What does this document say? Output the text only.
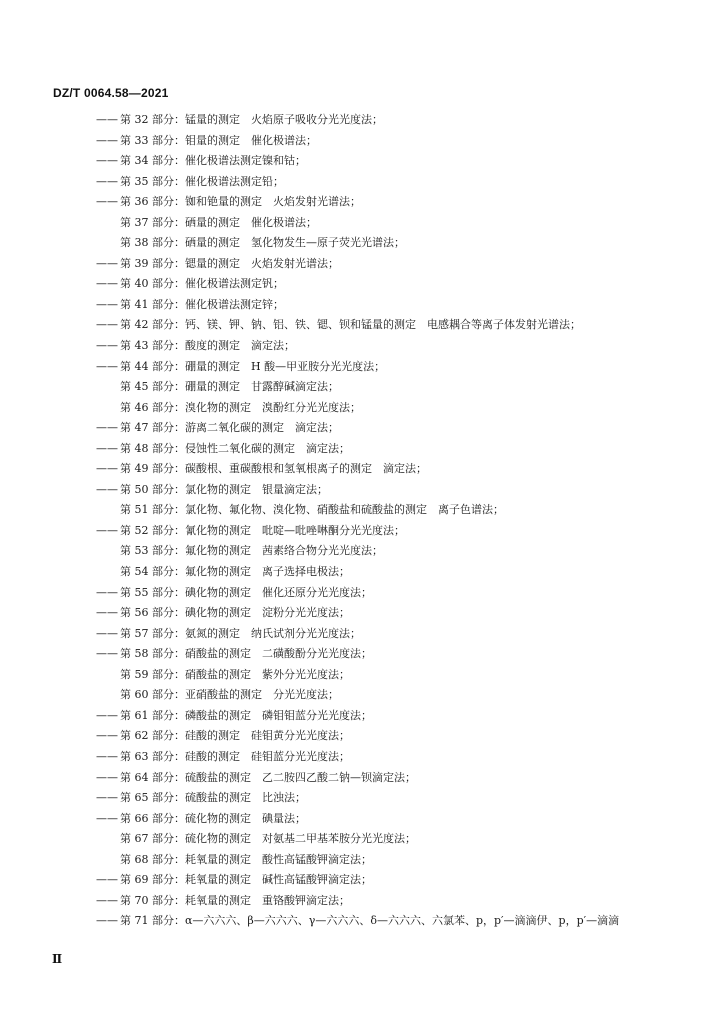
DZ/T 0064.58—2021
—— 第 32 部分：锰量的测定　火焰原子吸收分光光度法；
—— 第 33 部分：钼量的测定　催化极谱法；
—— 第 34 部分：催化极谱法测定镍和钴；
—— 第 35 部分：催化极谱法测定铅；
—— 第 36 部分：铷和铯量的测定　火焰发射光谱法；
第 37 部分：硒量的测定　催化极谱法；
第 38 部分：硒量的测定　氢化物发生—原子荧光光谱法；
—— 第 39 部分：锶量的测定　火焰发射光谱法；
—— 第 40 部分：催化极谱法测定钒；
—— 第 41 部分：催化极谱法测定锌；
—— 第 42 部分：钙、镁、钾、钠、铝、铁、锶、钡和锰量的测定　电感耦合等离子体发射光谱法；
—— 第 43 部分：酸度的测定　滴定法；
—— 第 44 部分：硼量的测定　H 酸—甲亚胺分光光度法；
第 45 部分：硼量的测定　甘露醇碱滴定法；
第 46 部分：溴化物的测定　溴酚红分光光度法；
—— 第 47 部分：游离二氧化碳的测定　滴定法；
—— 第 48 部分：侵蚀性二氧化碳的测定　滴定法；
—— 第 49 部分：碳酸根、重碳酸根和氢氧根离子的测定　滴定法；
—— 第 50 部分：氯化物的测定　银量滴定法；
第 51 部分：氯化物、氟化物、溴化物、硝酸盐和硫酸盐的测定　离子色谱法；
—— 第 52 部分：氰化物的测定　吡啶—吡唑啉酮分光光度法；
第 53 部分：氟化物的测定　茜素络合物分光光度法；
第 54 部分：氟化物的测定　离子选择电极法；
—— 第 55 部分：碘化物的测定　催化还原分光光度法；
—— 第 56 部分：碘化物的测定　淀粉分光光度法；
—— 第 57 部分：氨氮的测定　纳氏试剂分光光度法；
—— 第 58 部分：硝酸盐的测定　二磺酸酚分光光度法；
第 59 部分：硝酸盐的测定　紫外分光光度法；
第 60 部分：亚硝酸盐的测定　分光光度法；
—— 第 61 部分：磷酸盐的测定　磷钼钼蓝分光光度法；
—— 第 62 部分：硅酸的测定　硅钼黄分光光度法；
—— 第 63 部分：硅酸的测定　硅钼蓝分光光度法；
—— 第 64 部分：硫酸盐的测定　乙二胺四乙酸二钠—钡滴定法；
—— 第 65 部分：硫酸盐的测定　比浊法；
—— 第 66 部分：硫化物的测定　碘量法；
第 67 部分：硫化物的测定　对氨基二甲基苯胺分光光度法；
第 68 部分：耗氧量的测定　酸性高锰酸钾滴定法；
—— 第 69 部分：耗氧量的测定　碱性高锰酸钾滴定法；
—— 第 70 部分：耗氧量的测定　重铬酸钾滴定法；
—— 第 71 部分：α—六六六、β—六六六、γ—六六六、δ—六六六、六氯苯、p，p′—滴滴伊、p，p′—滴滴
Ⅱ
